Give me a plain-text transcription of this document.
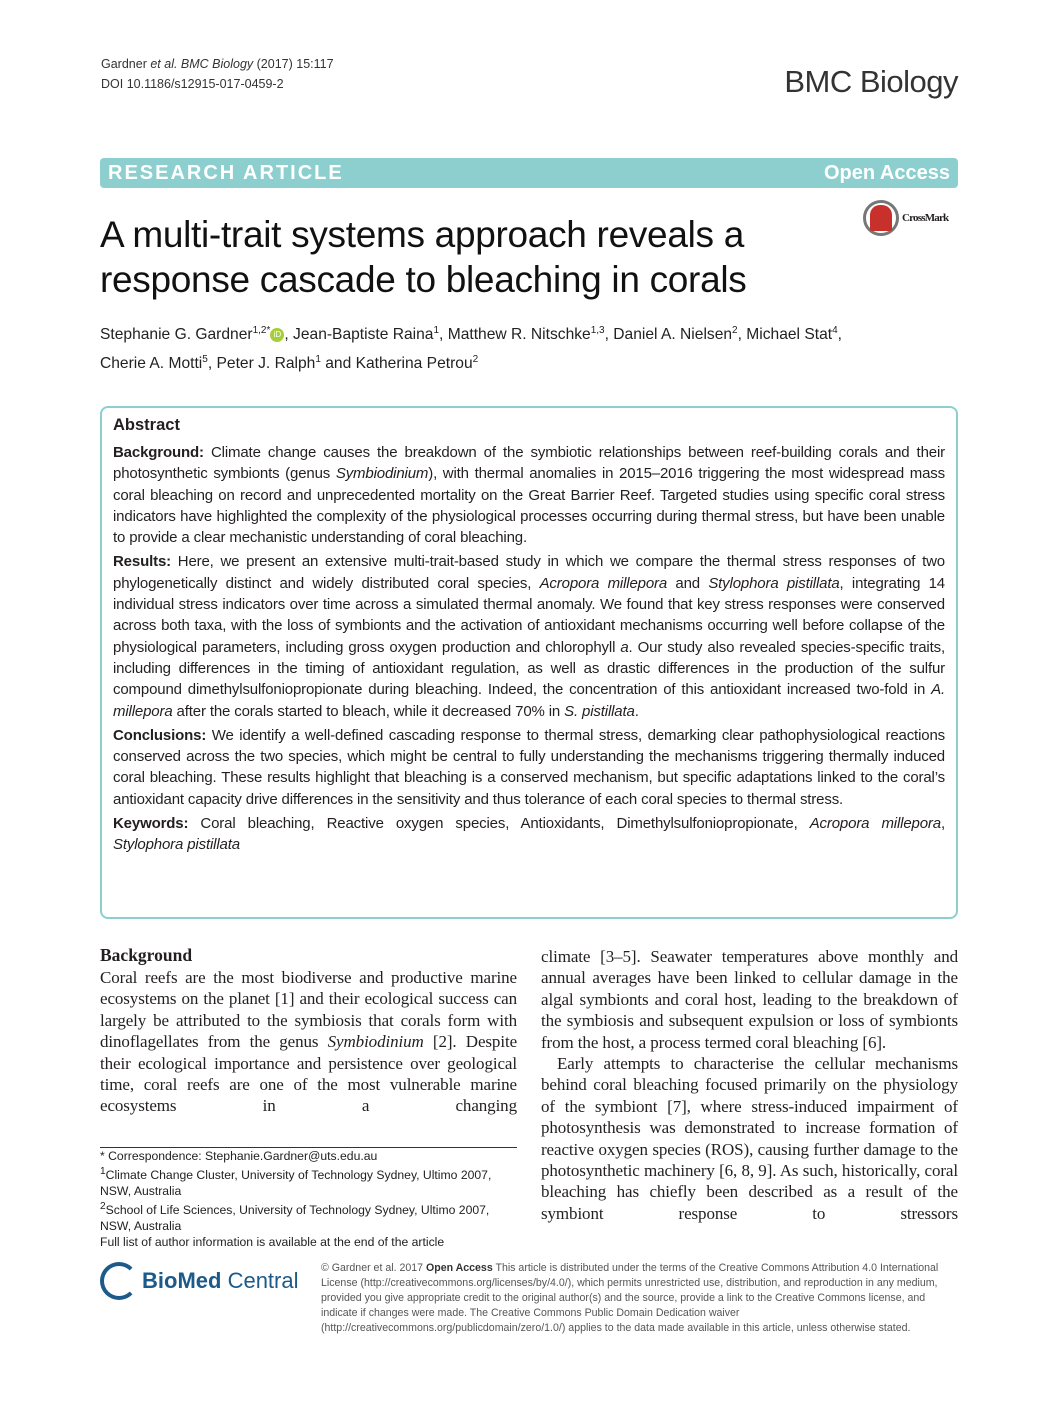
Gardner et al. BMC Biology (2017) 15:117
DOI 10.1186/s12915-017-0459-2	BMC Biology
RESEARCH ARTICLE	Open Access
A multi-trait systems approach reveals a response cascade to bleaching in corals
CrossMark
Stephanie G. Gardner$^{1,2*}$ iD , Jean-Baptiste Raina$^1$, Matthew R. Nitschke$^{1,3}$, Daniel A. Nielsen$^2$, Michael Stat$^4$,
Cherie A. Motti$^5$, Peter J. Ralph$^1$ and Katherina Petrou$^2$
Abstract

Background: Climate change causes the breakdown of the symbiotic relationships between reef-building corals and their photosynthetic symbionts (genus Symbiodinium), with thermal anomalies in 2015–2016 triggering the most widespread mass coral bleaching on record and unprecedented mortality on the Great Barrier Reef. Targeted studies using specific coral stress indicators have highlighted the complexity of the physiological processes occurring during thermal stress, but have been unable to provide a clear mechanistic understanding of coral bleaching.

Results: Here, we present an extensive multi-trait-based study in which we compare the thermal stress responses of two phylogenetically distinct and widely distributed coral species, Acropora millepora and Stylophora pistillata, integrating 14 individual stress indicators over time across a simulated thermal anomaly. We found that key stress responses were conserved across both taxa, with the loss of symbionts and the activation of antioxidant mechanisms occurring well before collapse of the physiological parameters, including gross oxygen production and chlorophyll a. Our study also revealed species-specific traits, including differences in the timing of antioxidant regulation, as well as drastic differences in the production of the sulfur compound dimethylsulfoniopropionate during bleaching. Indeed, the concentration of this antioxidant increased two-fold in A. millepora after the corals started to bleach, while it decreased 70% in S. pistillata.

Conclusions: We identify a well-defined cascading response to thermal stress, demarking clear pathophysiological reactions conserved across the two species, which might be central to fully understanding the mechanisms triggering thermally induced coral bleaching. These results highlight that bleaching is a conserved mechanism, but specific adaptations linked to the coral’s antioxidant capacity drive differences in the sensitivity and thus tolerance of each coral species to thermal stress.

Keywords: Coral bleaching, Reactive oxygen species, Antioxidants, Dimethylsulfoniopropionate, Acropora millepora, Stylophora pistillata

Background
Coral reefs are the most biodiverse and productive marine ecosystems on the planet [1] and their ecological success can largely be attributed to the symbiosis that corals form with dinoflagellates from the genus Symbiodinium [2]. Despite their ecological importance and persistence over geological time, coral reefs are one of the most vulnerable marine ecosystems in a changing

climate [3–5]. Seawater temperatures above monthly and annual averages have been linked to cellular damage in the algal symbionts and coral host, leading to the breakdown of the symbiosis and subsequent expulsion or loss of symbionts from the host, a process termed coral bleaching [6].

Early attempts to characterise the cellular mechanisms behind coral bleaching focused primarily on the physiology of the symbiont [7], where stress-induced impairment of photosynthesis was demonstrated to increase formation of reactive oxygen species (ROS), causing further damage to the photosynthetic machinery [6, 8, 9]. As such, historically, coral bleaching has chiefly been described as a result of the symbiont response to stressors

* Correspondence: Stephanie.Gardner@uts.edu.au
$^1$Climate Change Cluster, University of Technology Sydney, Ultimo 2007, NSW, Australia
$^2$School of Life Sciences, University of Technology Sydney, Ultimo 2007, NSW, Australia
Full list of author information is available at the end of the article
BioMed Central © Gardner et al. 2017 Open Access This article is distributed under the terms of the Creative Commons Attribution 4.0 International License (http://creativecommons.org/licenses/by/4.0/), which permits unrestricted use, distribution, and reproduction in any medium, provided you give appropriate credit to the original author(s) and the source, provide a link to the Creative Commons license, and indicate if changes were made. The Creative Commons Public Domain Dedication waiver (http://creativecommons.org/publicdomain/zero/1.0/) applies to the data made available in this article, unless otherwise stated.
